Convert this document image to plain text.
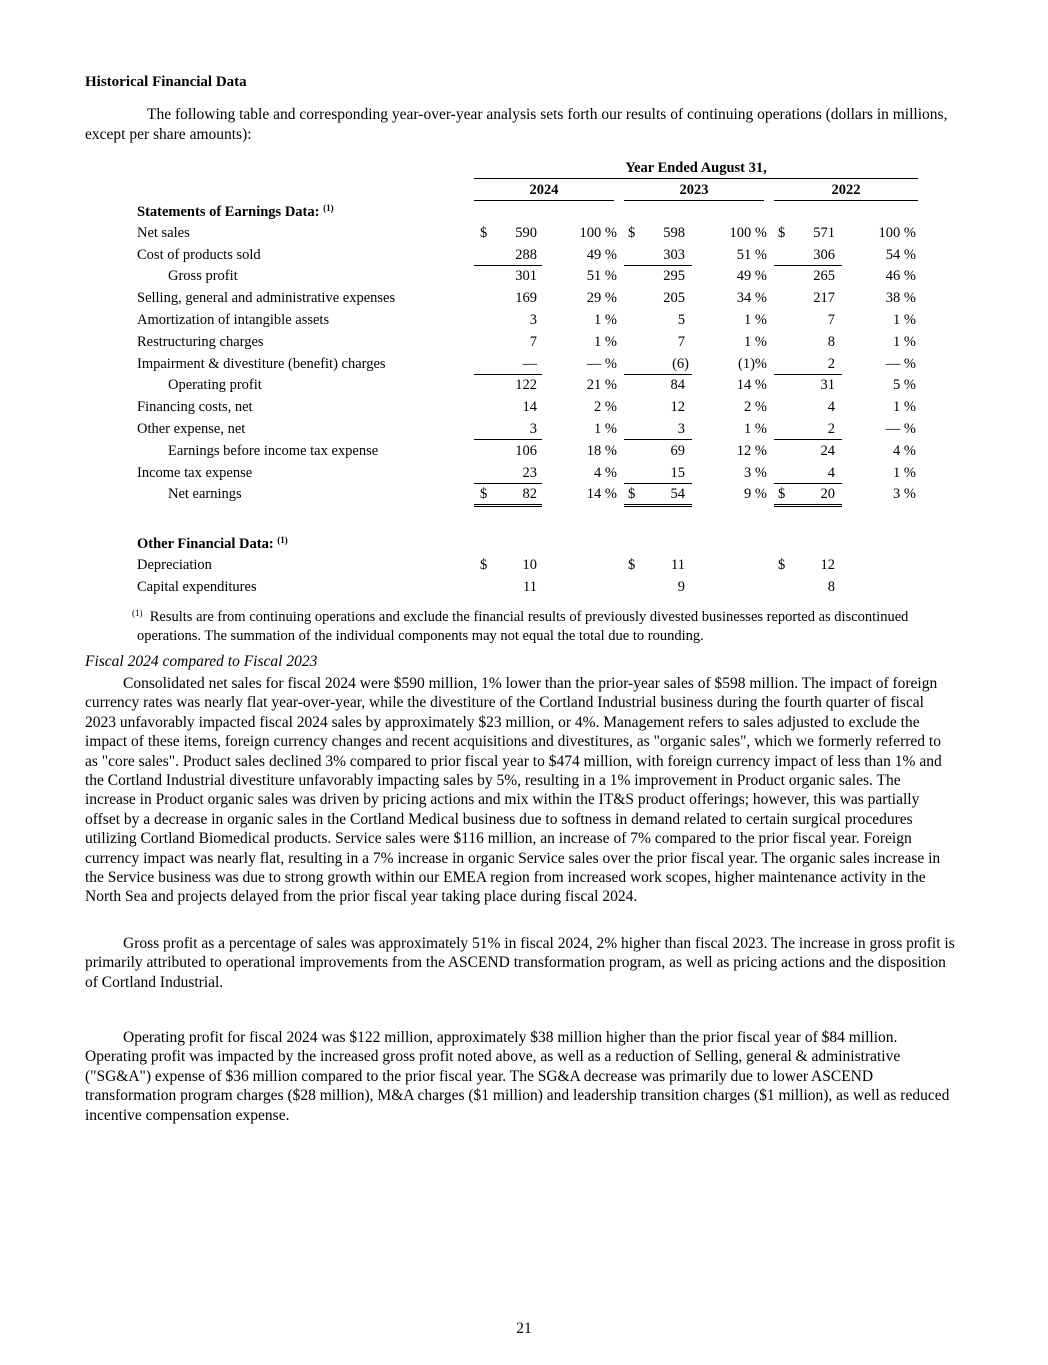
Historical Financial Data

The following table and corresponding year-over-year analysis sets forth our results of continuing operations (dollars in millions, except per share amounts):

Year Ended August 31,
2024	2023	2022
Statements of Earnings Data: $^{(1)}$
Net sales	$	590	100 % $	598	100 % $	571	100 %
Cost of products sold	288	49 %	303	51 %	306	54 %
Gross profit	301	51 %	295	49 %	265	46 %
Selling, general and administrative expenses	169	29 %	205	34 %	217	38 %
Amortization of intangible assets	3	1 %	5	1 %	7	1 %
Restructuring charges	7	1 %	7	1 %	8	1 %
Impairment & divestiture (benefit) charges	—	— %	(6)	(1)%	2	— %
Operating profit	122	21 %	84	14 %	31	5 %
Financing costs, net	14	2 %	12	2 %	4	1 %
Other expense, net	3	1 %	3	1 %	2	— %
Earnings before income tax expense	106	18 %	69	12 %	24	4 %
Income tax expense	23	4 %	15	3 %	4	1 %
Net earnings	$	82	14 % $	54	9 % $	20	3 %
Other Financial Data: $^{(1)}$
Depreciation	$	10	$	11	$	12
Capital expenditures	11	9	8
$^{(1)}$ Results are from continuing operations and exclude the financial results of previously divested businesses reported as discontinued operations. The summation of the individual components may not equal the total due to rounding.
Fiscal 2024 compared to Fiscal 2023

Consolidated net sales for fiscal 2024 were $590 million, 1% lower than the prior-year sales of $598 million. The impact of foreign currency rates was nearly flat year-over-year, while the divestiture of the Cortland Industrial business during the fourth quarter of fiscal 2023 unfavorably impacted fiscal 2024 sales by approximately $23 million, or 4%. Management refers to sales adjusted to exclude the impact of these items, foreign currency changes and recent acquisitions and divestitures, as "organic sales", which we formerly referred to as "core sales". Product sales declined 3% compared to prior fiscal year to $474 million, with foreign currency impact of less than 1% and the Cortland Industrial divestiture unfavorably impacting sales by 5%, resulting in a 1% improvement in Product organic sales. The increase in Product organic sales was driven by pricing actions and mix within the IT&S product offerings; however, this was partially offset by a decrease in organic sales in the Cortland Medical business due to softness in demand related to certain surgical procedures utilizing Cortland Biomedical products. Service sales were $116 million, an increase of 7% compared to the prior fiscal year. Foreign currency impact was nearly flat, resulting in a 7% increase in organic Service sales over the prior fiscal year. The organic sales increase in the Service business was due to strong growth within our EMEA region from increased work scopes, higher maintenance activity in the North Sea and projects delayed from the prior fiscal year taking place during fiscal 2024.

Gross profit as a percentage of sales was approximately 51% in fiscal 2024, 2% higher than fiscal 2023. The increase in gross profit is primarily attributed to operational improvements from the ASCEND transformation program, as well as pricing actions and the disposition of Cortland Industrial.

Operating profit for fiscal 2024 was $122 million, approximately $38 million higher than the prior fiscal year of $84 million. Operating profit was impacted by the increased gross profit noted above, as well as a reduction of Selling, general & administrative ("SG&A") expense of $36 million compared to the prior fiscal year. The SG&A decrease was primarily due to lower ASCEND transformation program charges ($28 million), M&A charges ($1 million) and leadership transition charges ($1 million), as well as reduced incentive compensation expense.

21
